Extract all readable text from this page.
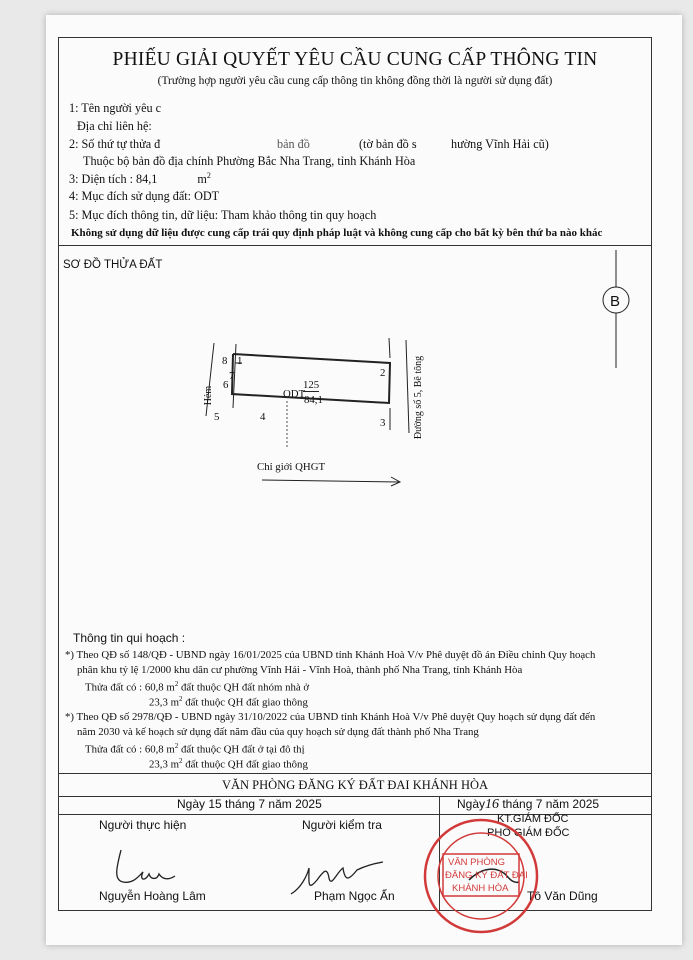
PHIẾU GIẢI QUYẾT YÊU CẦU CUNG CẤP THÔNG TIN
(Trường hợp người yêu cầu cung cấp thông tin không đồng thời là người sử dụng đất)
1: Tên người yêu c
Địa chỉ liên hệ:
2: Số thứ tự thửa đ	bản đồ	(tờ bản đồ s	hường Vĩnh Hải cũ)
Thuộc bộ bản đồ địa chính Phường Bắc Nha Trang, tỉnh Khánh Hòa
3: Diện tích : 84,1	$m^2$
4: Mục đích sử dụng đất: ODT
5: Mục đích thông tin, dữ liệu: Tham khảo thông tin quy hoạch
Không sử dụng dữ liệu được cung cấp trái quy định pháp luật và không cung cấp cho bất kỳ bên thứ ba nào khác
SƠ ĐỒ THỬA ĐẤT
B
8 1
7
6
5	4
2
3
ODT
125
84,1
Hẻm	Đường số 5, Bê tông
Chỉ giới QHGT
Thông tin qui hoạch :
*) Theo QĐ số 148/QĐ - UBND ngày 16/01/2025 của UBND tỉnh Khánh Hoà V/v Phê duyệt đồ án Điều chỉnh Quy hoạch
phân khu tỷ lệ 1/2000 khu dân cư phường Vĩnh Hải - Vĩnh Hoà, thành phố Nha Trang, tỉnh Khánh Hòa
Thửa đất có : 60,8 $m^2$ đất thuộc QH đất nhóm nhà ở
23,3 $m^2$ đất thuộc QH đất giao thông
*) Theo QĐ số 2978/QĐ - UBND ngày 31/10/2022 của UBND tỉnh Khánh Hoà V/v Phê duyệt Quy hoạch sử dụng đất đến
năm 2030 và kế hoạch sử dụng đất năm đầu của quy hoạch sử dụng đất thành phố Nha Trang
Thửa đất có : 60,8 $m^2$ đất thuộc QH đất ở tại đô thị
23,3 $m^2$ đất thuộc QH đất giao thông
VĂN PHÒNG ĐĂNG KÝ ĐẤT ĐAI KHÁNH HÒA
Ngày 15 tháng 7 năm 2025	Ngày16 tháng 7 năm 2025
Người thực hiện	Người kiểm tra	KT.GIÁM ĐỐC
PHÓ GIÁM ĐỐC
VĂN PHÒNG
ĐĂNG KÝ ĐẤT ĐAI
KHÁNH HÒA
Nguyễn Hoàng Lâm	Phạm Ngọc Ẩn	Tô Văn Dũng
